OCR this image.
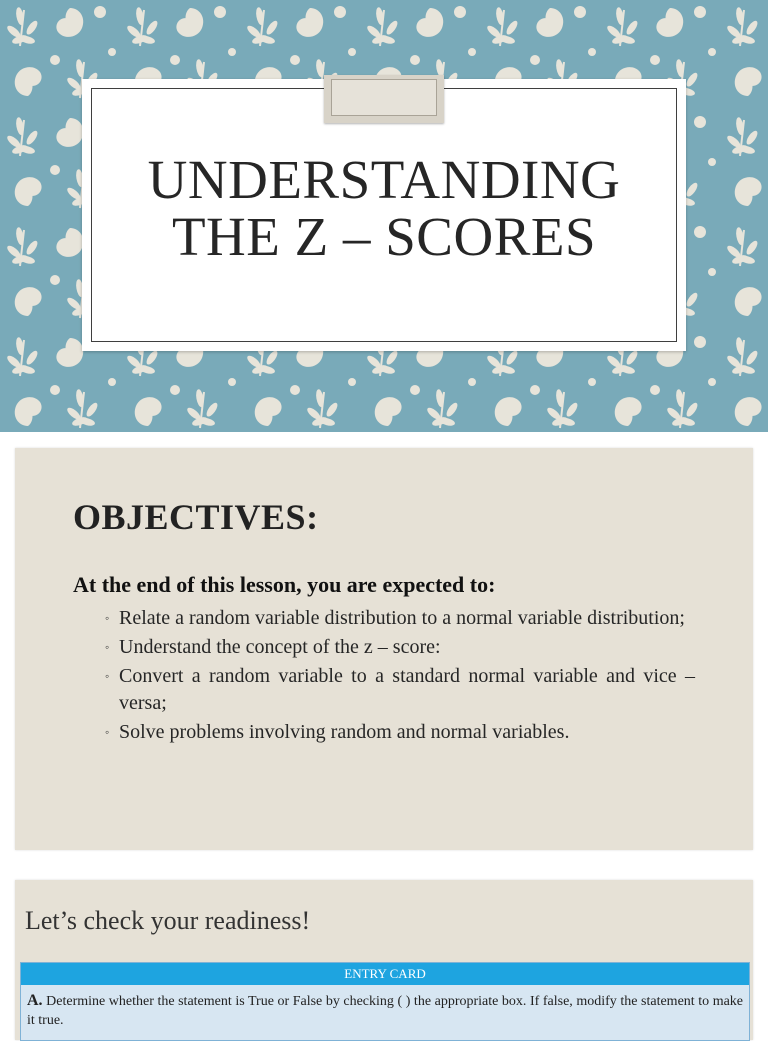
UNDERSTANDING
THE Z – SCORES
OBJECTIVES:
At the end of this lesson, you are expected to:
◦ Relate a random variable distribution to a normal variable distribution;
◦ Understand the concept of the z – score:
◦ Convert a random variable to a standard normal variable and vice – versa;
◦ Solve problems involving random and normal variables.
Let’s check your readiness!
ENTRY CARD
A. Determine whether the statement is True or False by checking ( ) the appropriate box. If false, modify the statement to make it true.
